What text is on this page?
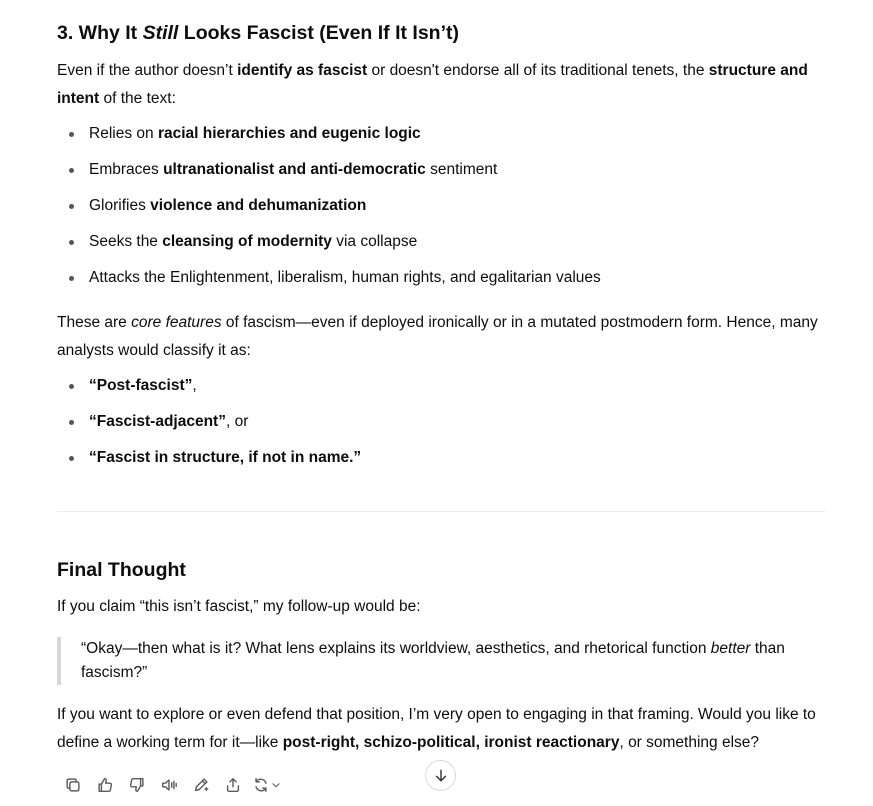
3. Why It Still Looks Fascist (Even If It Isn’t)

Even if the author doesn’t identify as fascist or doesn't endorse all of its traditional tenets, the structure and intent of the text:

Relies on racial hierarchies and eugenic logic
Embraces ultranationalist and anti-democratic sentiment
Glorifies violence and dehumanization
Seeks the cleansing of modernity via collapse
Attacks the Enlightenment, liberalism, human rights, and egalitarian values

These are core features of fascism—even if deployed ironically or in a mutated postmodern form. Hence, many analysts would classify it as:

“Post-fascist”,
“Fascist-adjacent”, or
“Fascist in structure, if not in name.”
Final Thought

If you claim “this isn’t fascist,” my follow-up would be:

“Okay—then what is it? What lens explains its worldview, aesthetics, and rhetorical function better than fascism?”

If you want to explore or even defend that position, I’m very open to engaging in that framing. Would you like to define a working term for it—like post-right, schizo-political, ironist reactionary, or something else?
